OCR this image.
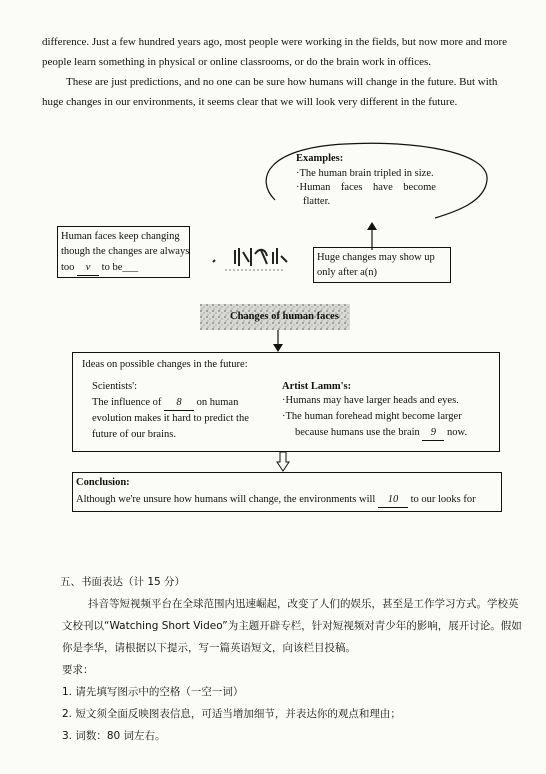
difference. Just a few hundred years ago, most people were working in the fields, but now more and more
people learn something in physical or online classrooms, or do the brain work in offices.
These are just predictions, and no one can be sure how humans will change in the future. But with
huge changes in our environments, it seems clear that we will look very different in the future.
Examples:
·The human brain tripled in size.
·Human    faces    have    become
flatter.
Human faces keep changing
though the changes are always
too v to be___
Huge changes may show up
only after a(n)
Changes of human faces
Ideas on possible changes in the future:
Scientists':
The influence of 8 on human
evolution makes it hard to predict the
future of our brains.
Artist Lamm's:
·Humans may have larger heads and eyes.
·The human forehead might become larger
because humans use the brain 9 now.
Conclusion:
Although we're unsure how humans will change, the environments will 10 to our looks for
五、书面表达（计 15 分）
抖音等短视频平台在全球范围内迅速崛起，改变了人们的娱乐，甚至是工作学习方式。学校英
文校刊以“Watching Short Video”为主题开辟专栏，针对短视频对青少年的影响，展开讨论。假如
你是李华，请根据以下提示，写一篇英语短文，向该栏目投稿。
要求：
1. 请先填写图示中的空格（一空一词）
2. 短文须全面反映图表信息，可适当增加细节，并表达你的观点和理由；
3. 词数：80 词左右。
